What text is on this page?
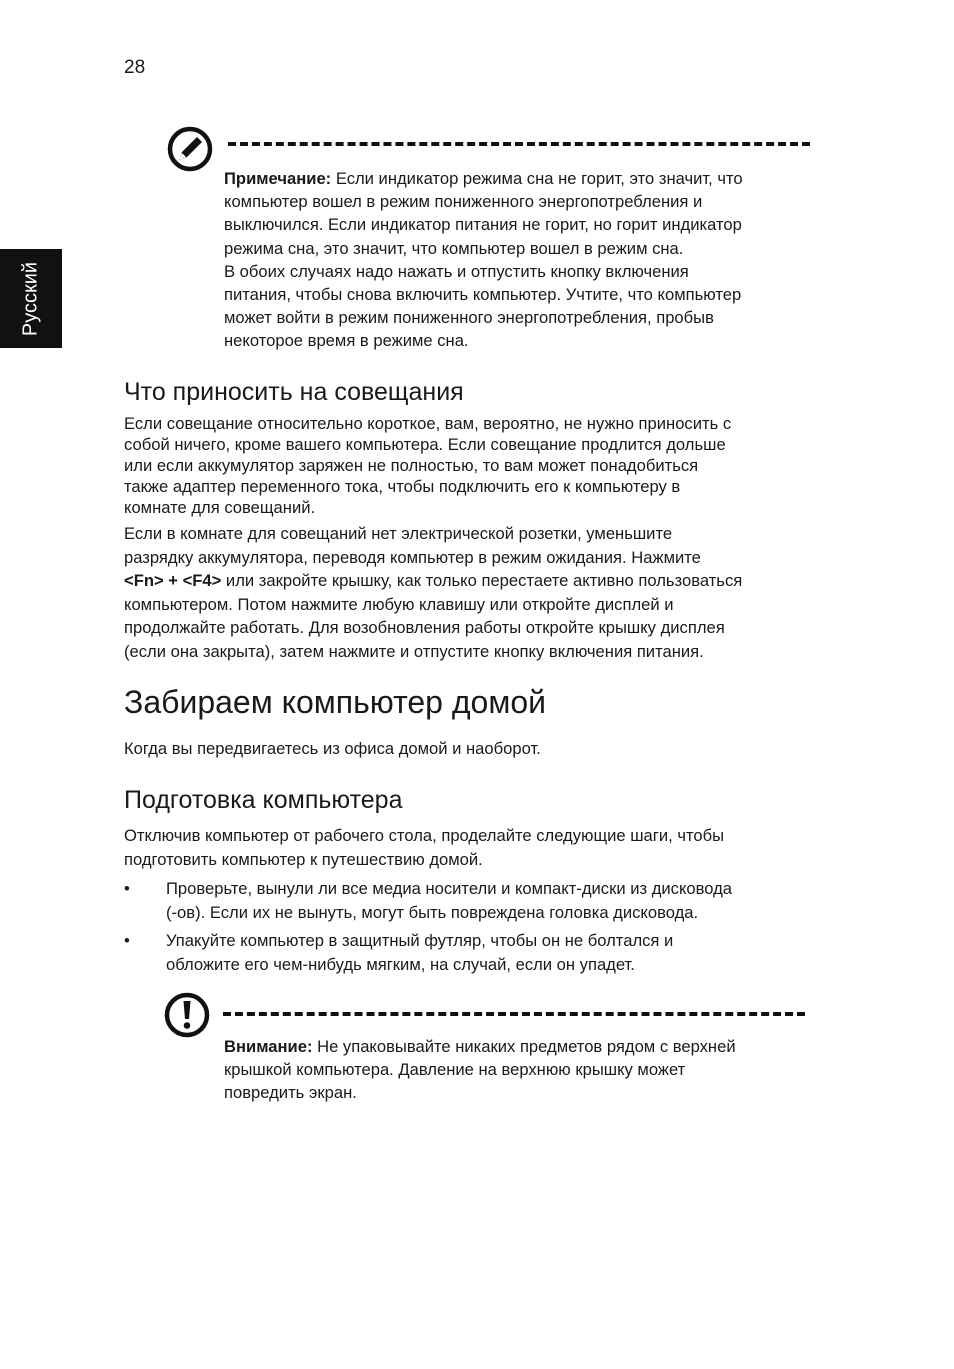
28
Русский
Примечание: Если индикатор режима сна не горит, это значит, что
компьютер вошел в режим пониженного энергопотребления и
выключился. Если индикатор питания не горит, но горит индикатор
режима сна, это значит, что компьютер вошел в режим сна.
В обоих случаях надо нажать и отпустить кнопку включения
питания, чтобы снова включить компьютер. Учтите, что компьютер
может войти в режим пониженного энергопотребления, пробыв
некоторое время в режиме сна.
Что приносить на совещания
Если совещание относительно короткое, вам, вероятно, не нужно приносить с
собой ничего, кроме вашего компьютера. Если совещание продлится дольше
или если аккумулятор заряжен не полностью, то вам может понадобиться
также адаптер переменного тока, чтобы подключить его к компьютеру в
комнате для совещаний.
Если в комнате для совещаний нет электрической розетки, уменьшите
разрядку аккумулятора, переводя компьютер в режим ожидания. Нажмите
<Fn> + <F4> или закройте крышку, как только перестаете активно пользоваться
компьютером. Потом нажмите любую клавишу или откройте дисплей и
продолжайте работать. Для возобновления работы откройте крышку дисплея
(если она закрыта), затем нажмите и отпустите кнопку включения питания.
Забираем компьютер домой

Когда вы передвигаетесь из офиса домой и наоборот.

Подготовка компьютера
Отключив компьютер от рабочего стола, проделайте следующие шаги, чтобы
подготовить компьютер к путешествию домой.
• Проверьте, вынули ли все медиа носители и компакт-диски из дисковода
(-ов). Если их не вынуть, могут быть повреждена головка дисковода.
• Упакуйте компьютер в защитный футляр, чтобы он не болтался и
обложите его чем-нибудь мягким, на случай, если он упадет.
Внимание: Не упаковывайте никаких предметов рядом с верхней
крышкой компьютера. Давление на верхнюю крышку может
повредить экран.
